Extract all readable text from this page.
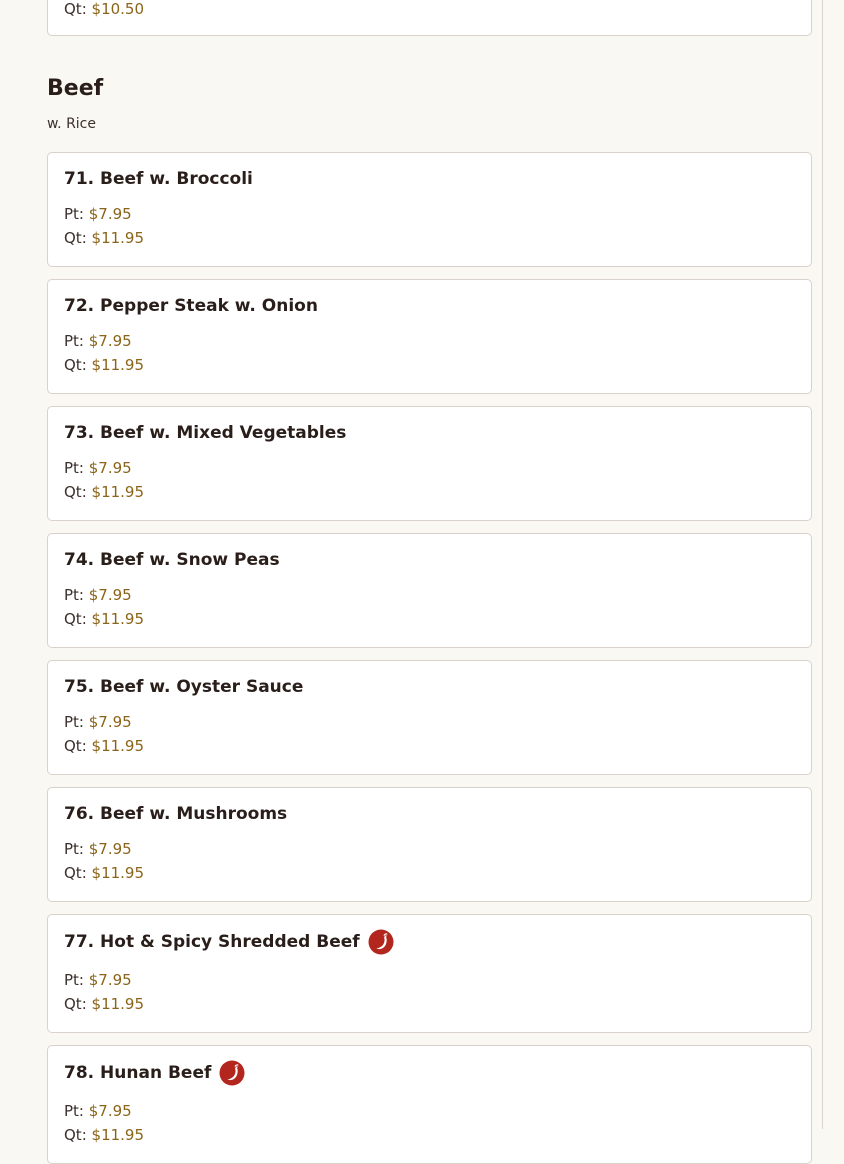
Qt: $10.50
Beef
w. Rice
71. Beef w. Broccoli
Pt: $7.95
Qt: $11.95
72. Pepper Steak w. Onion
Pt: $7.95
Qt: $11.95
73. Beef w. Mixed Vegetables
Pt: $7.95
Qt: $11.95
74. Beef w. Snow Peas
Pt: $7.95
Qt: $11.95
75. Beef w. Oyster Sauce
Pt: $7.95
Qt: $11.95
76. Beef w. Mushrooms
Pt: $7.95
Qt: $11.95
77. Hot & Spicy Shredded Beef
Pt: $7.95
Qt: $11.95
78. Hunan Beef
Pt: $7.95
Qt: $11.95
